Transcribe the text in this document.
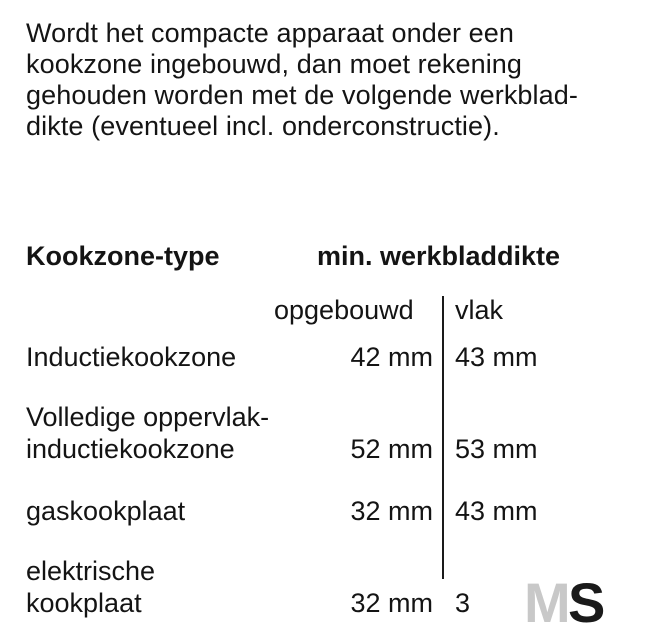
Wordt het compacte apparaat onder een
kookzone ingebouwd, dan moet rekening
gehouden worden met de volgende werkblad-
dikte (eventueel incl. onderconstructie).
Kookzone-type	min. werkbladdikte
opgebouwd vlak
Inductiekookzone	42 mm 43 mm
Volledige oppervlak-
inductiekookzone	52 mm 53 mm
gaskookplaat	32 mm 43 mm
elektrische
kookplaat	32 mm 3 M S
